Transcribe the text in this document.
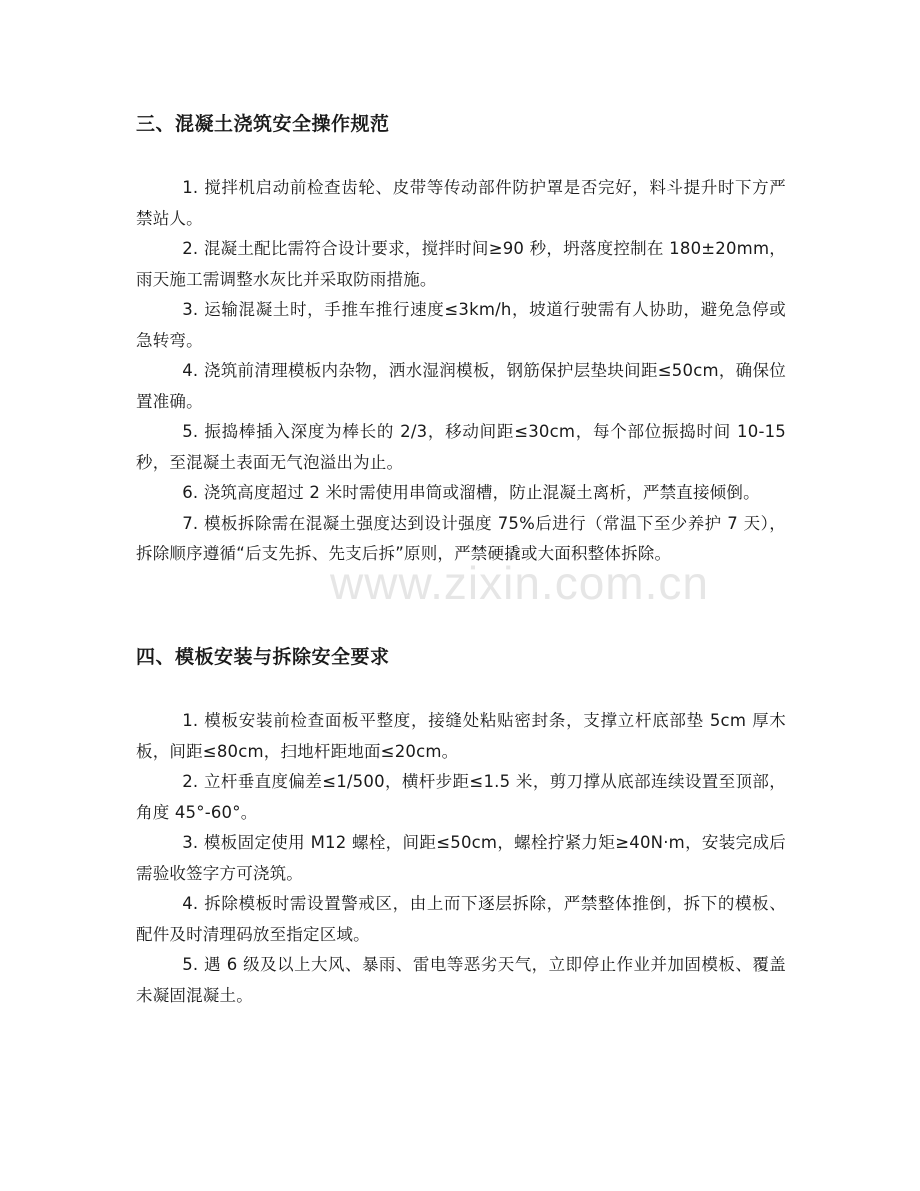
www.zixin.com.cn
三、混凝土浇筑安全操作规范

1. 搅拌机启动前检查齿轮、皮带等传动部件防护罩是否完好，料斗提升时下方严禁站人。

2. 混凝土配比需符合设计要求，搅拌时间≥90 秒，坍落度控制在 180±20mm，雨天施工需调整水灰比并采取防雨措施。

3. 运输混凝土时，手推车推行速度≤3km/h，坡道行驶需有人协助，避免急停或急转弯。

4. 浇筑前清理模板内杂物，洒水湿润模板，钢筋保护层垫块间距≤50cm，确保位置准确。

5. 振捣棒插入深度为棒长的 2/3，移动间距≤30cm，每个部位振捣时间 10-15 秒，至混凝土表面无气泡溢出为止。

6. 浇筑高度超过 2 米时需使用串筒或溜槽，防止混凝土离析，严禁直接倾倒。

7. 模板拆除需在混凝土强度达到设计强度 75%后进行（常温下至少养护 7 天），拆除顺序遵循“后支先拆、先支后拆”原则，严禁硬撬或大面积整体拆除。

四、模板安装与拆除安全要求

1. 模板安装前检查面板平整度，接缝处粘贴密封条，支撑立杆底部垫 5cm 厚木板，间距≤80cm，扫地杆距地面≤20cm。

2. 立杆垂直度偏差≤1/500，横杆步距≤1.5 米，剪刀撑从底部连续设置至顶部，角度 45°-60°。

3. 模板固定使用 M12 螺栓，间距≤50cm，螺栓拧紧力矩≥40N·m，安装完成后需验收签字方可浇筑。

4. 拆除模板时需设置警戒区，由上而下逐层拆除，严禁整体推倒，拆下的模板、配件及时清理码放至指定区域。

5. 遇 6 级及以上大风、暴雨、雷电等恶劣天气，立即停止作业并加固模板、覆盖未凝固混凝土。
